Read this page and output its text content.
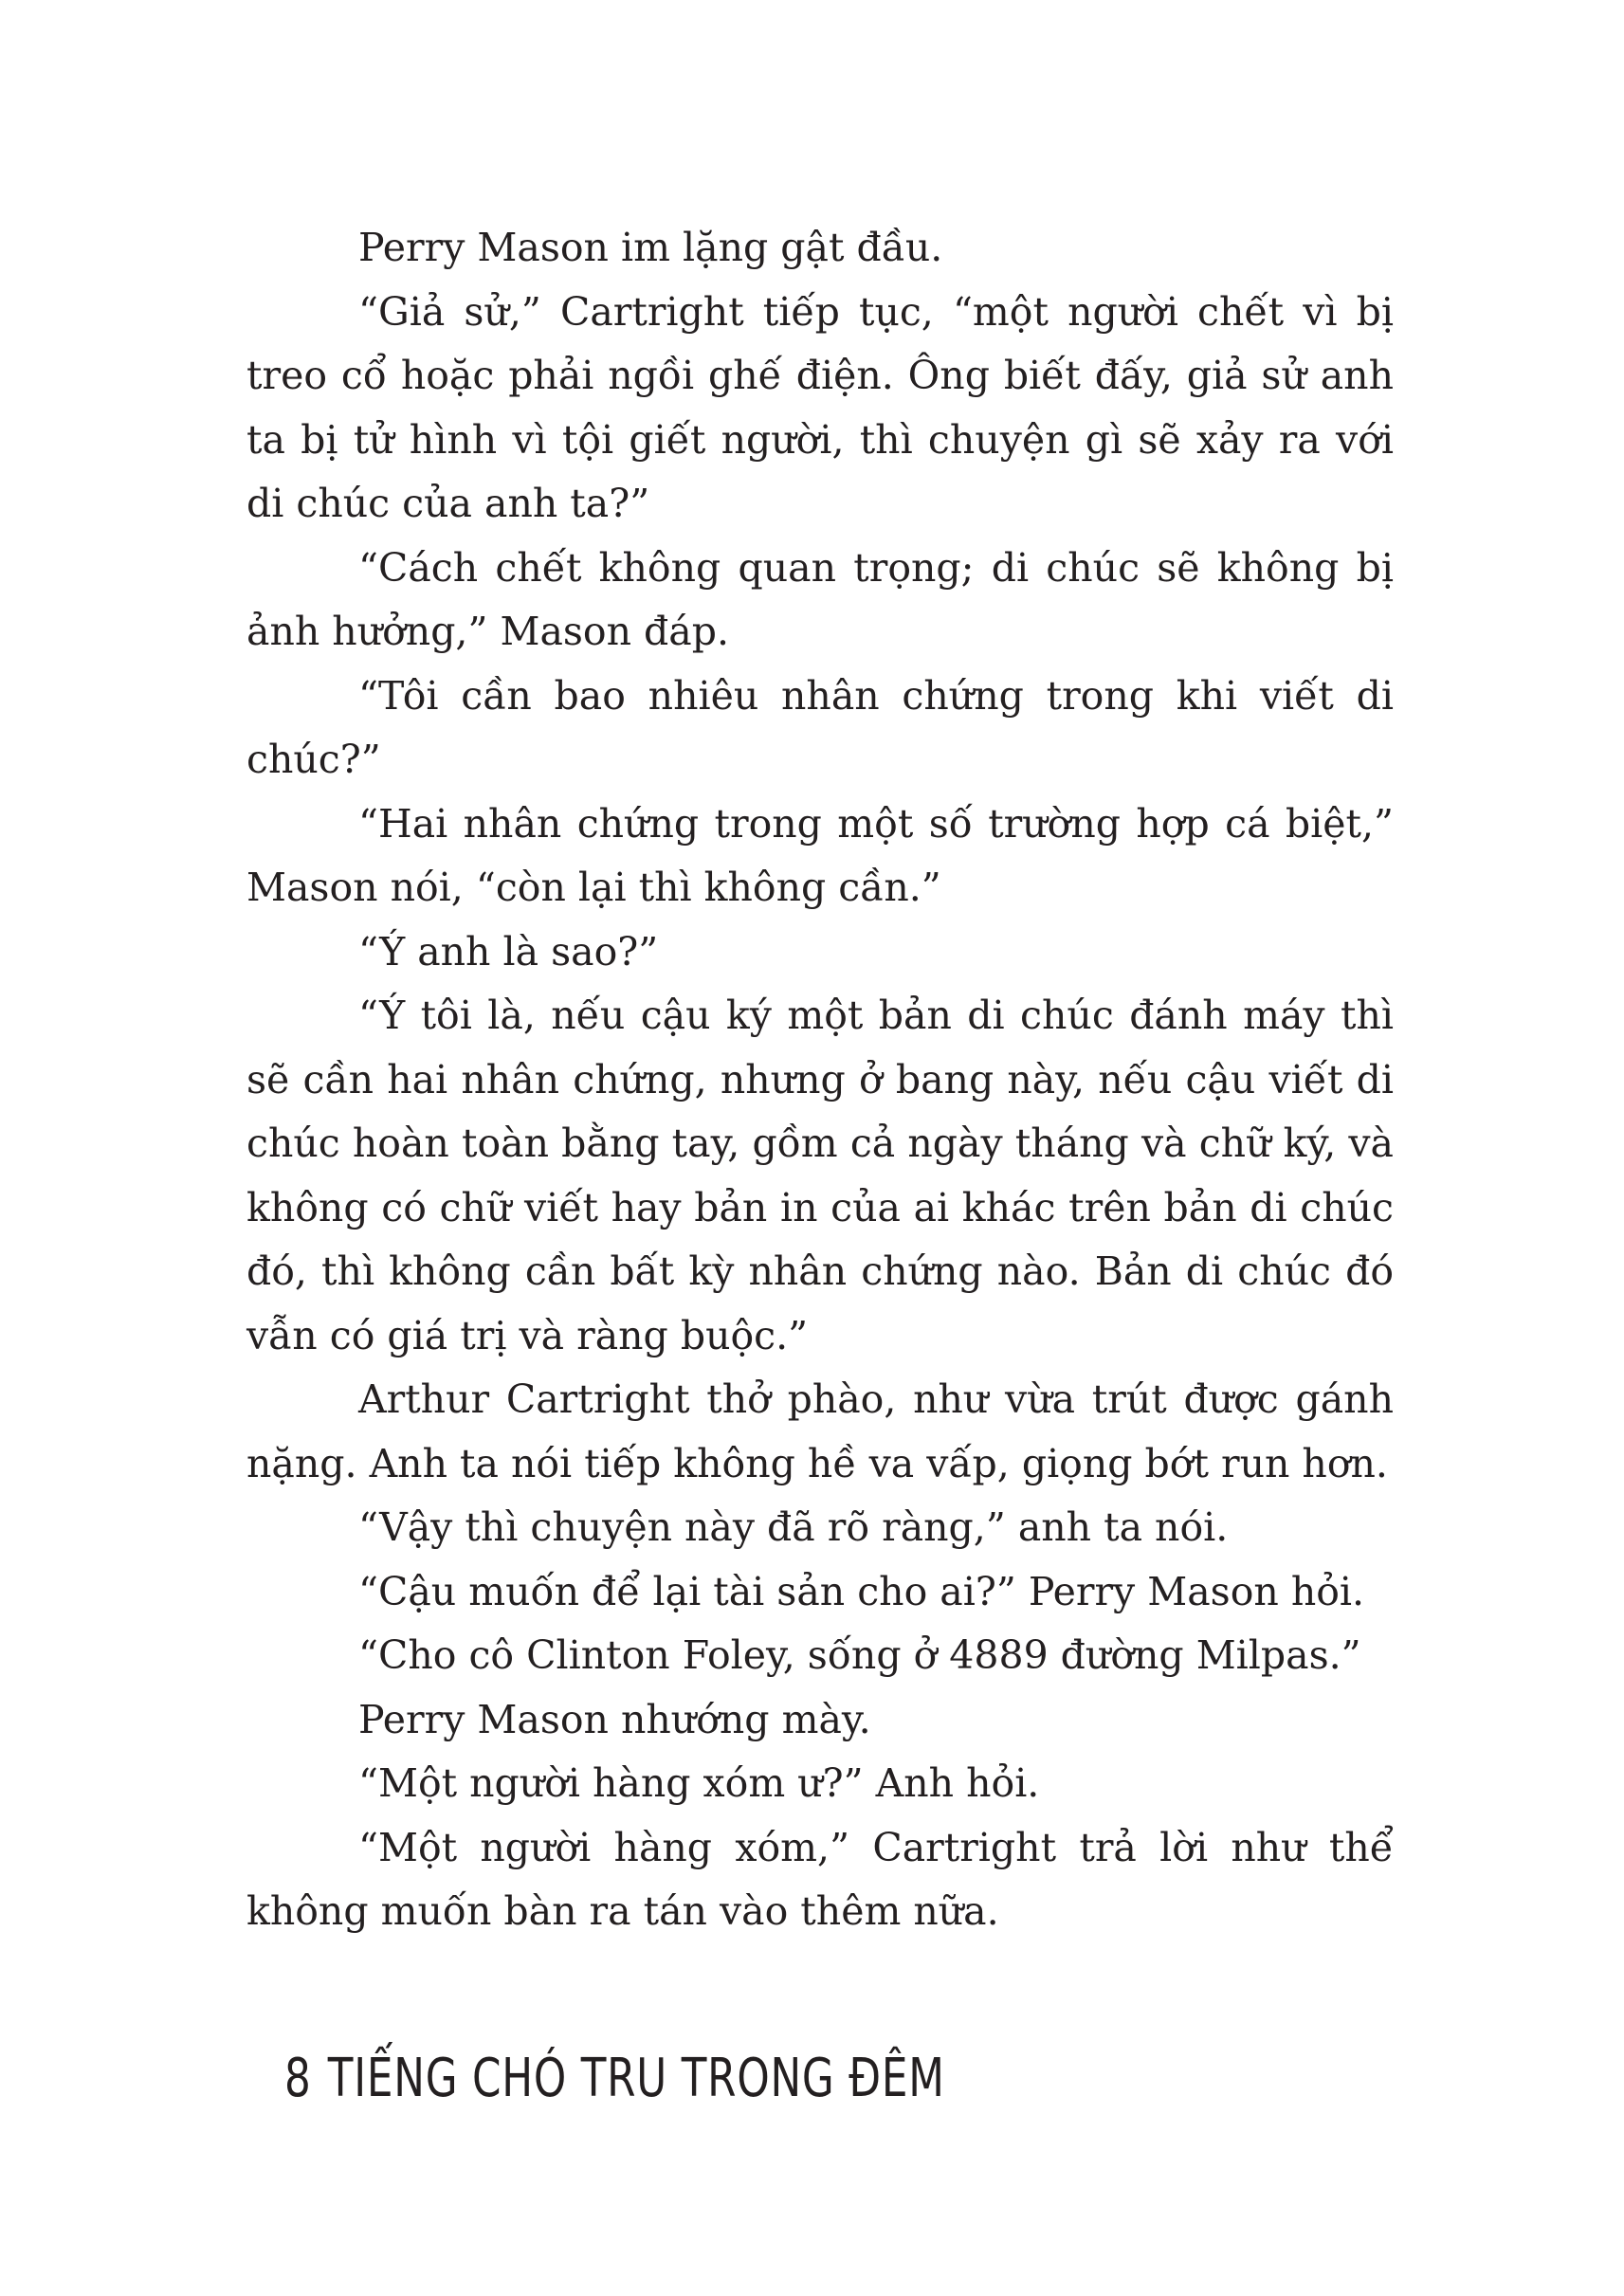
Perry Mason im lặng gật đầu.

“Giả sử,” Cartright tiếp tục, “một người chết vì bị treo cổ hoặc phải ngồi ghế điện. Ông biết đấy, giả sử anh ta bị tử hình vì tội giết người, thì chuyện gì sẽ xảy ra với di chúc của anh ta?”

“Cách chết không quan trọng; di chúc sẽ không bị ảnh hưởng,” Mason đáp.

“Tôi cần bao nhiêu nhân chứng trong khi viết di chúc?”

“Hai nhân chứng trong một số trường hợp cá biệt,” Mason nói, “còn lại thì không cần.”

“Ý anh là sao?”

“Ý tôi là, nếu cậu ký một bản di chúc đánh máy thì sẽ cần hai nhân chứng, nhưng ở bang này, nếu cậu viết di chúc hoàn toàn bằng tay, gồm cả ngày tháng và chữ ký, và không có chữ viết hay bản in của ai khác trên bản di chúc đó, thì không cần bất kỳ nhân chứng nào. Bản di chúc đó vẫn có giá trị và ràng buộc.”

Arthur Cartright thở phào, như vừa trút được gánh nặng. Anh ta nói tiếp không hề va vấp, giọng bớt run hơn.

“Vậy thì chuyện này đã rõ ràng,” anh ta nói.

“Cậu muốn để lại tài sản cho ai?” Perry Mason hỏi.

“Cho cô Clinton Foley, sống ở 4889 đường Milpas.”

Perry Mason nhướng mày.

“Một người hàng xóm ư?” Anh hỏi.

“Một người hàng xóm,” Cartright trả lời như thể không muốn bàn ra tán vào thêm nữa.

8 TIẾNG CHÓ TRU TRONG ĐÊM
